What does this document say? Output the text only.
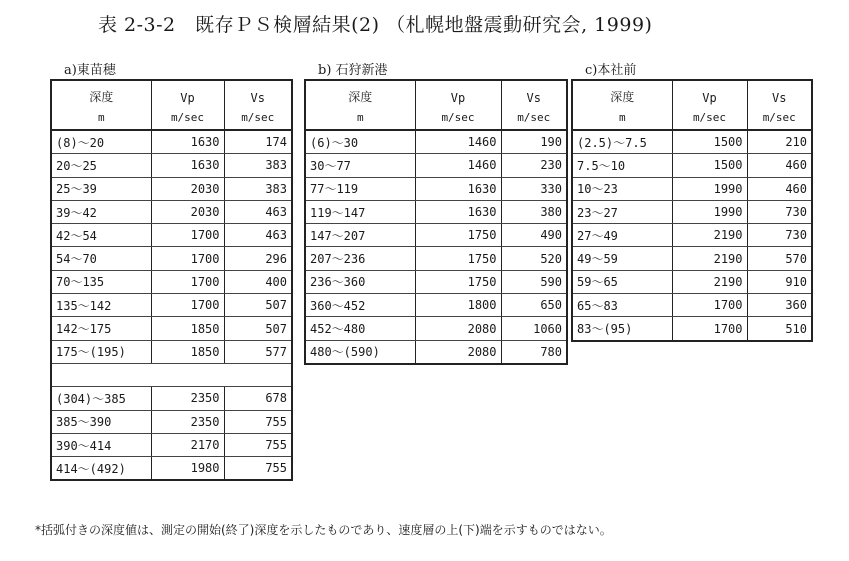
表 2-3-2　既存ＰＳ検層結果(2) （札幌地盤震動研究会, 1999)
a)東苗穂
深度	Vp	Vs
m	m/sec	m/sec
(8)～20	1630	174
20～25	1630	383
25～39	2030	383
39～42	2030	463
42～54	1700	463
54～70	1700	296
70～135	1700	400
135～142	1700	507
142～175	1850	507
175～(195)	1850	577

(304)～385	2350	678
385～390	2350	755
390～414	2170	755
414～(492)	1980	755
b) 石狩新港
深度	Vp	Vs
m	m/sec	m/sec
(6)～30	1460	190
30～77	1460	230
77～119	1630	330
119～147	1630	380
147～207	1750	490
207～236	1750	520
236～360	1750	590
360～452	1800	650
452～480	2080	1060
480～(590)	2080	780
c)本社前
深度	Vp	Vs
m	m/sec	m/sec
(2.5)～7.5	1500	210
7.5～10	1500	460
10～23	1990	460
23～27	1990	730
27～49	2190	730
49～59	2190	570
59～65	2190	910
65～83	1700	360
83～(95)	1700	510
*括弧付きの深度値は、測定の開始(終了)深度を示したものであり、速度層の上(下)端を示すものではない。
